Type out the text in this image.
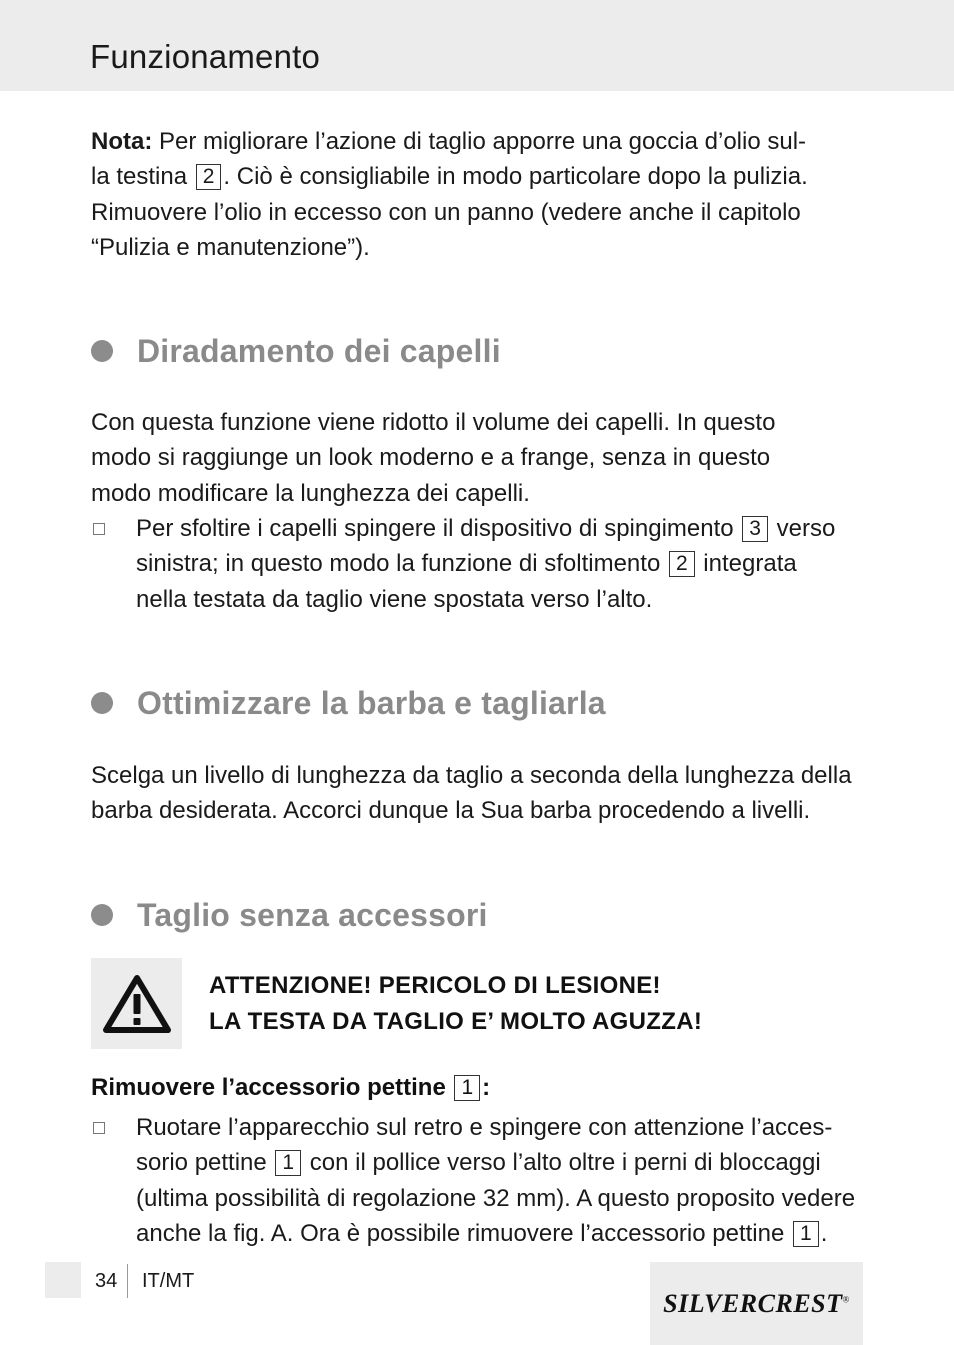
Funzionamento
Nota: Per migliorare l’azione di taglio apporre una goccia d’olio sul-
la testina 2 . Ciò è consigliabile in modo particolare dopo la pulizia.
Rimuovere l’olio in eccesso con un panno (vedere anche il capitolo
“Pulizia e manutenzione”).
Diradamento dei capelli
Con questa funzione viene ridotto il volume dei capelli. In questo
modo si raggiunge un look moderno e a frange, senza in questo
modo modificare la lunghezza dei capelli.
Per sfoltire i capelli spingere il dispositivo di spingimento 3 verso
sinistra; in questo modo la funzione di sfoltimento 2 integrata
nella testata da taglio viene spostata verso l’alto.
Ottimizzare la barba e tagliarla
Scelga un livello di lunghezza da taglio a seconda della lunghezza della
barba desiderata. Accorci dunque la Sua barba procedendo a livelli.
Taglio senza accessori
ATTENZIONE! PERICOLO DI LESIONE!
LA TESTA DA TAGLIO E’ MOLTO AGUZZA!
Rimuovere l’accessorio pettine 1 :
Ruotare l’apparecchio sul retro e spingere con attenzione l’acces-
sorio pettine 1 con il pollice verso l’alto oltre i perni di bloccaggi
(ultima possibilità di regolazione 32 mm). A questo proposito vedere
anche la fig. A. Ora è possibile rimuovere l’accessorio pettine 1 .
34 IT/MT
SILVERCREST®
